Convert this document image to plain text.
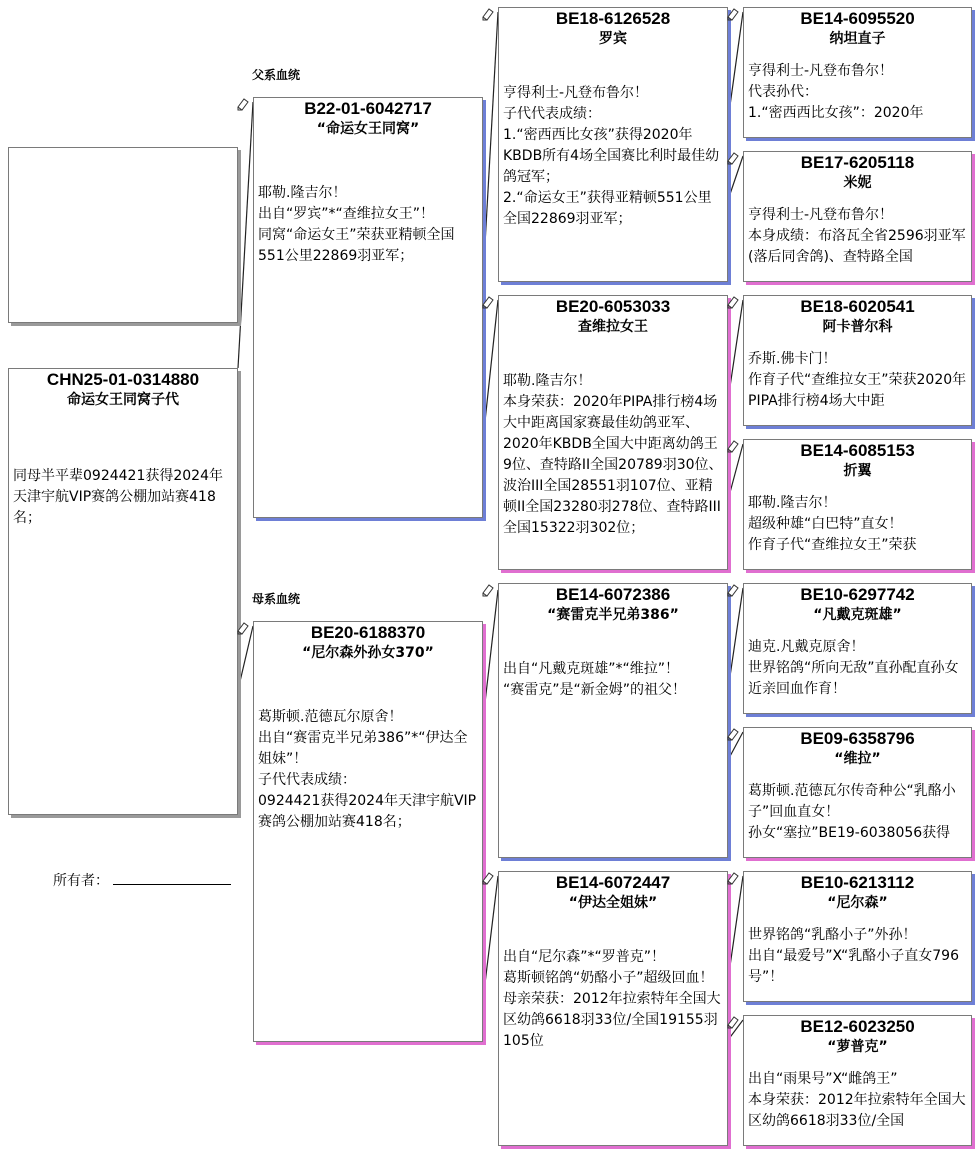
父系血统
母系血统
CHN25-01-0314880
命运女王同窝子代
同母半平辈0924421获得2024年天津宇航VIP赛鸽公棚加站赛418名；
所有者：
B22-01-6042717
“命运女王同窝”
耶勒.隆吉尔！
出自“罗宾”*“查维拉女王”！
同窝“命运女王”荣获亚精顿全国551公里22869羽亚军；
BE20-6188370
“尼尔森外孙女370”
葛斯顿.范德瓦尔原舍！
出自“赛雷克半兄弟386”*“伊达全姐妹”！
子代代表成绩：
0924421获得2024年天津宇航VIP赛鸽公棚加站赛418名；
BE18-6126528
罗宾
亨得利士-凡登布鲁尔！
子代代表成绩：
1.“密西西比女孩”获得2020年KBDB所有4场全国赛比利时最佳幼鸽冠军；
2.“命运女王”获得亚精顿551公里全国22869羽亚军；
BE20-6053033
查维拉女王
耶勒.隆吉尔！
本身荣获：2020年PIPA排行榜4场大中距离国家赛最佳幼鸽亚军、2020年KBDB全国大中距离幼鸽王9位、查特路II全国20789羽30位、波治III全国28551羽107位、亚精顿II全国23280羽278位、查特路III全国15322羽302位；
BE14-6072386
“赛雷克半兄弟386”
出自“凡戴克斑雄”*“维拉”！
“赛雷克”是“新金姆”的祖父！
BE14-6072447
“伊达全姐妹”
出自“尼尔森”*“罗普克”！
葛斯顿铭鸽“奶酪小子”超级回血！
母亲荣获：2012年拉索特年全国大区幼鸽6618羽33位/全国19155羽105位
BE14-6095520
纳坦直子
亨得利士-凡登布鲁尔！
代表孙代：
1.“密西西比女孩”：2020年
BE17-6205118
米妮
亨得利士-凡登布鲁尔！
本身成绩：布洛瓦全省2596羽亚军(落后同舍鸽)、查特路全国
BE18-6020541
阿卡普尔科
乔斯.佛卡门！
作育子代“查维拉女王”荣获2020年PIPA排行榜4场大中距
BE14-6085153
折翼
耶勒.隆吉尔！
超级种雄“白巴特”直女！
作育子代“查维拉女王”荣获
BE10-6297742
“凡戴克斑雄”
迪克.凡戴克原舍！
世界铭鸽“所向无敌”直孙配直孙女近亲回血作育！
BE09-6358796
“维拉”
葛斯顿.范德瓦尔传奇种公“乳酪小子”回血直女！
孙女“塞拉”BE19-6038056获得
BE10-6213112
“尼尔森”
世界铭鸽“乳酪小子”外孙！
出自“最爱号”X“乳酪小子直女796号”！
BE12-6023250
“萝普克”
出自“雨果号”X“雌鸽王”
本身荣获：2012年拉索特年全国大区幼鸽6618羽33位/全国
